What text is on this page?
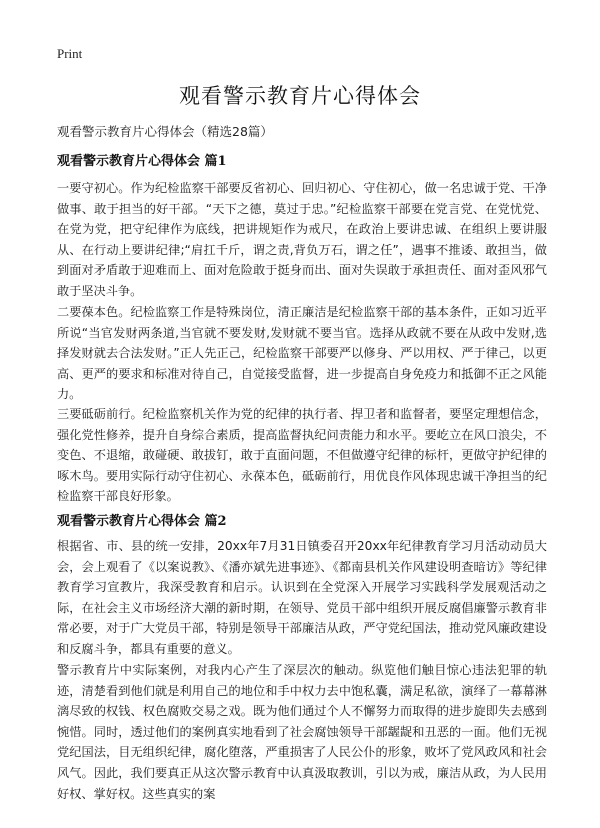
Print
观看警示教育片心得体会
观看警示教育片心得体会（精选28篇）
观看警示教育片心得体会 篇1

一要守初心。作为纪检监察干部要反省初心、回归初心、守住初心，做一名忠诚于党、干净做事、敢于担当的好干部。“天下之德，莫过于忠。”纪检监察干部要在党言党、在党忧党、在党为党，把守纪律作为底线，把讲规矩作为戒尺，在政治上要讲忠诚、在组织上要讲服从、在行动上要讲纪律;“肩扛千斤，谓之责,背负万石，谓之任”，遇事不推诿、敢担当，做到面对矛盾敢于迎难而上、面对危险敢于挺身而出、面对失误敢于承担责任、面对歪风邪气敢于坚决斗争。

二要葆本色。纪检监察工作是特殊岗位，清正廉洁是纪检监察干部的基本条件，正如习近平所说“当官发财两条道,当官就不要发财,发财就不要当官。选择从政就不要在从政中发财,选择发财就去合法发财。”正人先正己，纪检监察干部要严以修身、严以用权、严于律己，以更高、更严的要求和标准对待自己，自觉接受监督，进一步提高自身免疫力和抵御不正之风能力。

三要砥砺前行。纪检监察机关作为党的纪律的执行者、捍卫者和监督者，要坚定理想信念，强化党性修养，提升自身综合素质，提高监督执纪问责能力和水平。要屹立在风口浪尖，不变色、不退缩，敢碰硬、敢拔钉，敢于直面问题，不但做遵守纪律的标杆，更做守护纪律的啄木鸟。要用实际行动守住初心、永葆本色，砥砺前行，用优良作风体现忠诚干净担当的纪检监察干部良好形象。

观看警示教育片心得体会 篇2

根据省、市、县的统一安排，20xx年7月31日镇委召开20xx年纪律教育学习月活动动员大会，会上观看了《以案说教》、《潘亦斌先进事迹》、《都南县机关作风建设明查暗访》等纪律教育学习宣教片，我深受教育和启示。认识到在全党深入开展学习实践科学发展观活动之际，在社会主义市场经济大潮的新时期，在领导、党员干部中组织开展反腐倡廉警示教育非常必要，对于广大党员干部，特别是领导干部廉洁从政，严守党纪国法，推动党风廉政建设和反腐斗争，都具有重要的意义。

警示教育片中实际案例，对我内心产生了深层次的触动。纵览他们触目惊心违法犯罪的轨迹，清楚看到他们就是利用自己的地位和手中权力去中饱私囊，满足私欲，演绎了一幕幕淋漓尽致的权钱、权色腐败交易之戏。既为他们通过个人不懈努力而取得的进步旋即失去感到惋惜。同时，透过他们的案例真实地看到了社会腐蚀领导干部龌龊和丑恶的一面。他们无视党纪国法，目无组织纪律，腐化堕落，严重损害了人民公仆的形象，败坏了党风政风和社会风气。因此，我们要真正从这次警示教育中认真汲取教训，引以为戒，廉洁从政，为人民用好权、掌好权。这些真实的案
